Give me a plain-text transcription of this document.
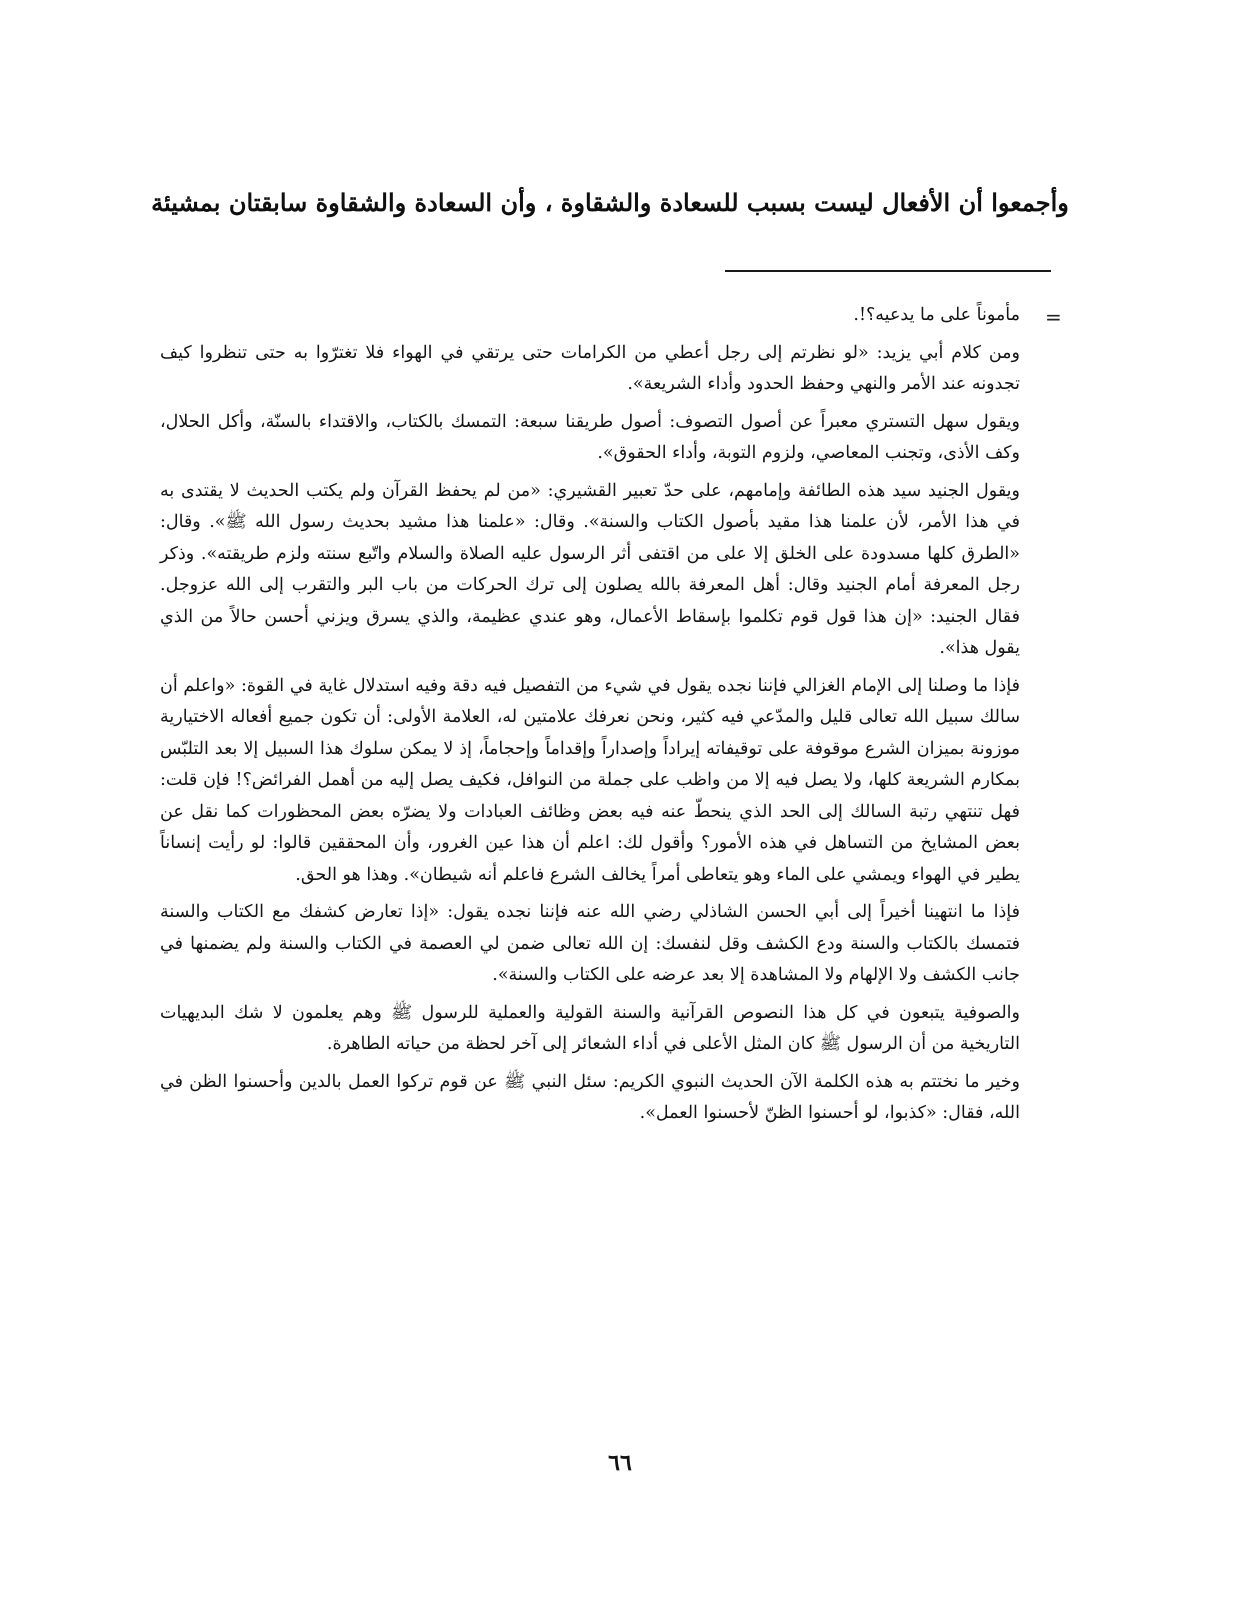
وأجمعوا أن الأفعال ليست بسبب للسعادة والشقاوة ، وأن السعادة والشقاوة سابقتان بمشيئة
=

مأموناً على ما يدعيه؟!.

ومن كلام أبي يزيد: «لو نظرتم إلى رجل أعطي من الكرامات حتى يرتقي في الهواء فلا تغترّوا به حتى تنظروا كيف تجدونه عند الأمر والنهي وحفظ الحدود وأداء الشريعة».

ويقول سهل التستري معبراً عن أصول التصوف: أصول طريقنا سبعة: التمسك بالكتاب، والاقتداء بالسنّة، وأكل الحلال، وكف الأذى، وتجنب المعاصي، ولزوم التوبة، وأداء الحقوق».

ويقول الجنيد سيد هذه الطائفة وإمامهم، على حدّ تعبير القشيري: «من لم يحفظ القرآن ولم يكتب الحديث لا يقتدى به في هذا الأمر، لأن علمنا هذا مقيد بأصول الكتاب والسنة». وقال: «علمنا هذا مشيد بحديث رسول الله ﷺ». وقال: «الطرق كلها مسدودة على الخلق إلا على من اقتفى أثر الرسول عليه الصلاة والسلام واتّبع سنته ولزم طريقته». وذكر رجل المعرفة أمام الجنيد وقال: أهل المعرفة بالله يصلون إلى ترك الحركات من باب البر والتقرب إلى الله عزوجل. فقال الجنيد: «إن هذا قول قوم تكلموا بإسقاط الأعمال، وهو عندي عظيمة، والذي يسرق ويزني أحسن حالاً من الذي يقول هذا».

فإذا ما وصلنا إلى الإمام الغزالي فإننا نجده يقول في شيء من التفصيل فيه دقة وفيه استدلال غاية في القوة: «واعلم أن سالك سبيل الله تعالى قليل والمدّعي فيه كثير، ونحن نعرفك علامتين له، العلامة الأولى: أن تكون جميع أفعاله الاختيارية موزونة بميزان الشرع موقوفة على توقيفاته إيراداً وإصداراً وإقداماً وإحجاماً، إذ لا يمكن سلوك هذا السبيل إلا بعد التلبّس بمكارم الشريعة كلها، ولا يصل فيه إلا من واظب على جملة من النوافل، فكيف يصل إليه من أهمل الفرائض؟! فإن قلت: فهل تنتهي رتبة السالك إلى الحد الذي ينحطّ عنه فيه بعض وظائف العبادات ولا يضرّه بعض المحظورات كما نقل عن بعض المشايخ من التساهل في هذه الأمور؟ وأقول لك: اعلم أن هذا عين الغرور، وأن المحققين قالوا: لو رأيت إنساناً يطير في الهواء ويمشي على الماء وهو يتعاطى أمراً يخالف الشرع فاعلم أنه شيطان». وهذا هو الحق.

فإذا ما انتهينا أخيراً إلى أبي الحسن الشاذلي رضي الله عنه فإننا نجده يقول: «إذا تعارض كشفك مع الكتاب والسنة فتمسك بالكتاب والسنة ودع الكشف وقل لنفسك: إن الله تعالى ضمن لي العصمة في الكتاب والسنة ولم يضمنها في جانب الكشف ولا الإلهام ولا المشاهدة إلا بعد عرضه على الكتاب والسنة».

والصوفية يتبعون في كل هذا النصوص القرآنية والسنة القولية والعملية للرسول ﷺ وهم يعلمون لا شك البديهيات التاريخية من أن الرسول ﷺ كان المثل الأعلى في أداء الشعائر إلى آخر لحظة من حياته الطاهرة.

وخير ما نختتم به هذه الكلمة الآن الحديث النبوي الكريم: سئل النبي ﷺ عن قوم تركوا العمل بالدين وأحسنوا الظن في الله، فقال: «كذبوا، لو أحسنوا الظنّ لأحسنوا العمل».

٦٦
